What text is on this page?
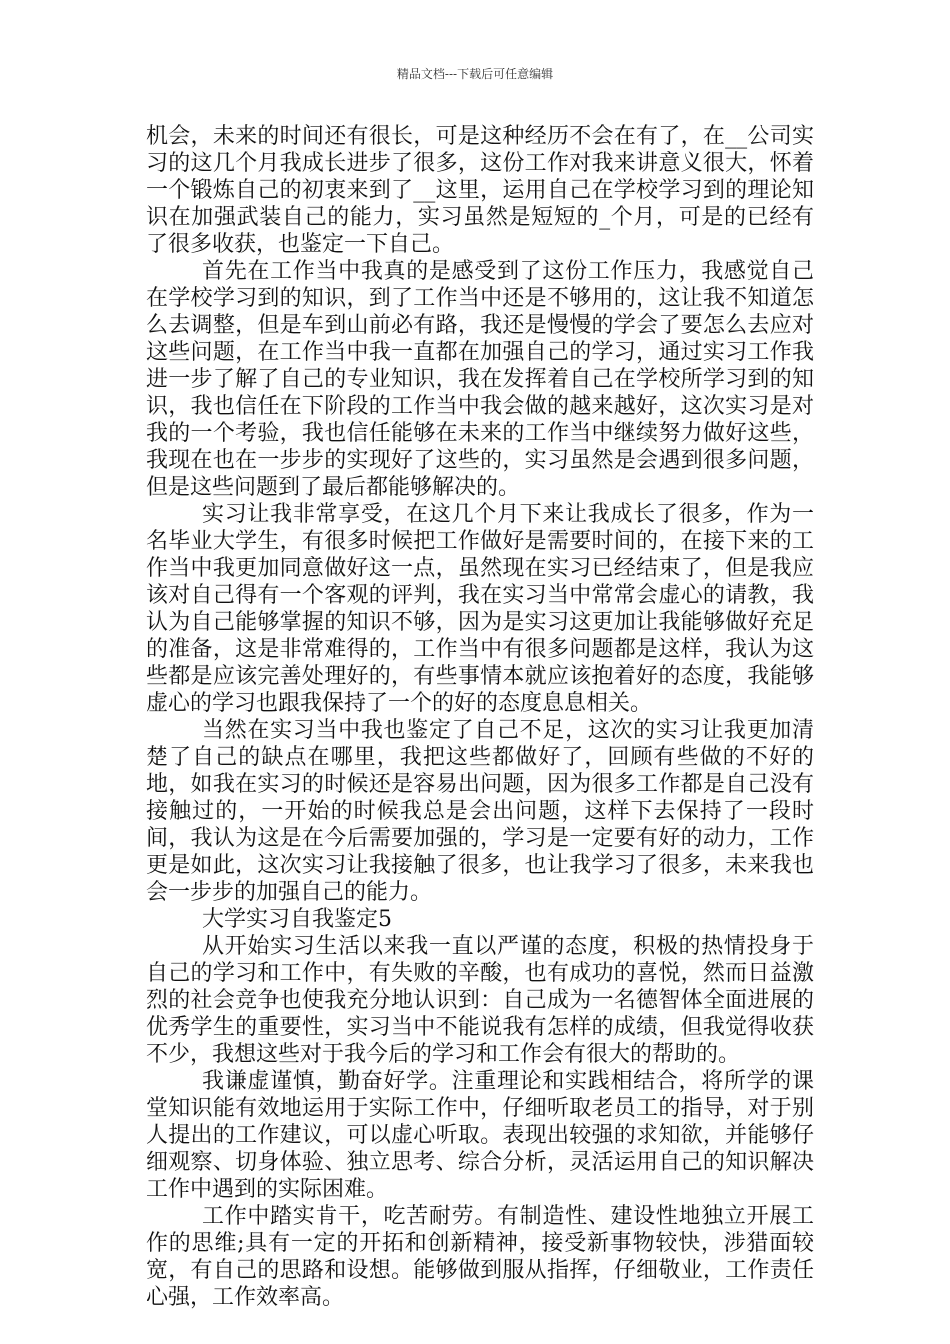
精品文档---下载后可任意编辑

机会，未来的时间还有很长，可是这种经历不会在有了，在__公司实习的这几个月我成长进步了很多，这份工作对我来讲意义很大，怀着一个锻炼自己的初衷来到了__这里，运用自己在学校学习到的理论知识在加强武装自己的能力，实习虽然是短短的_个月，可是的已经有了很多收获，也鉴定一下自己。

首先在工作当中我真的是感受到了这份工作压力，我感觉自己在学校学习到的知识，到了工作当中还是不够用的，这让我不知道怎么去调整，但是车到山前必有路，我还是慢慢的学会了要怎么去应对这些问题，在工作当中我一直都在加强自己的学习，通过实习工作我进一步了解了自己的专业知识，我在发挥着自己在学校所学习到的知识，我也信任在下阶段的工作当中我会做的越来越好，这次实习是对我的一个考验，我也信任能够在未来的工作当中继续努力做好这些，我现在也在一步步的实现好了这些的，实习虽然是会遇到很多问题，但是这些问题到了最后都能够解决的。

实习让我非常享受，在这几个月下来让我成长了很多，作为一名毕业大学生，有很多时候把工作做好是需要时间的，在接下来的工作当中我更加同意做好这一点，虽然现在实习已经结束了，但是我应该对自己得有一个客观的评判，我在实习当中常常会虚心的请教，我认为自己能够掌握的知识不够，因为是实习这更加让我能够做好充足的准备，这是非常难得的，工作当中有很多问题都是这样，我认为这些都是应该完善处理好的，有些事情本就应该抱着好的态度，我能够虚心的学习也跟我保持了一个的好的态度息息相关。

当然在实习当中我也鉴定了自己不足，这次的实习让我更加清楚了自己的缺点在哪里，我把这些都做好了，回顾有些做的不好的地，如我在实习的时候还是容易出问题，因为很多工作都是自己没有接触过的，一开始的时候我总是会出问题，这样下去保持了一段时间，我认为这是在今后需要加强的，学习是一定要有好的动力，工作更是如此，这次实习让我接触了很多，也让我学习了很多，未来我也会一步步的加强自己的能力。

大学实习自我鉴定5

从开始实习生活以来我一直以严谨的态度，积极的热情投身于自己的学习和工作中，有失败的辛酸，也有成功的喜悦，然而日益激烈的社会竞争也使我充分地认识到：自己成为一名德智体全面进展的优秀学生的重要性，实习当中不能说我有怎样的成绩，但我觉得收获不少，我想这些对于我今后的学习和工作会有很大的帮助的。

我谦虚谨慎，勤奋好学。注重理论和实践相结合，将所学的课堂知识能有效地运用于实际工作中，仔细听取老员工的指导，对于别人提出的工作建议，可以虚心听取。表现出较强的求知欲，并能够仔细观察、切身体验、独立思考、综合分析，灵活运用自己的知识解决工作中遇到的实际困难。

工作中踏实肯干，吃苦耐劳。有制造性、建设性地独立开展工作的思维;具有一定的开拓和创新精神，接受新事物较快，涉猎面较宽，有自己的思路和设想。能够做到服从指挥，仔细敬业，工作责任心强，工作效率高。
